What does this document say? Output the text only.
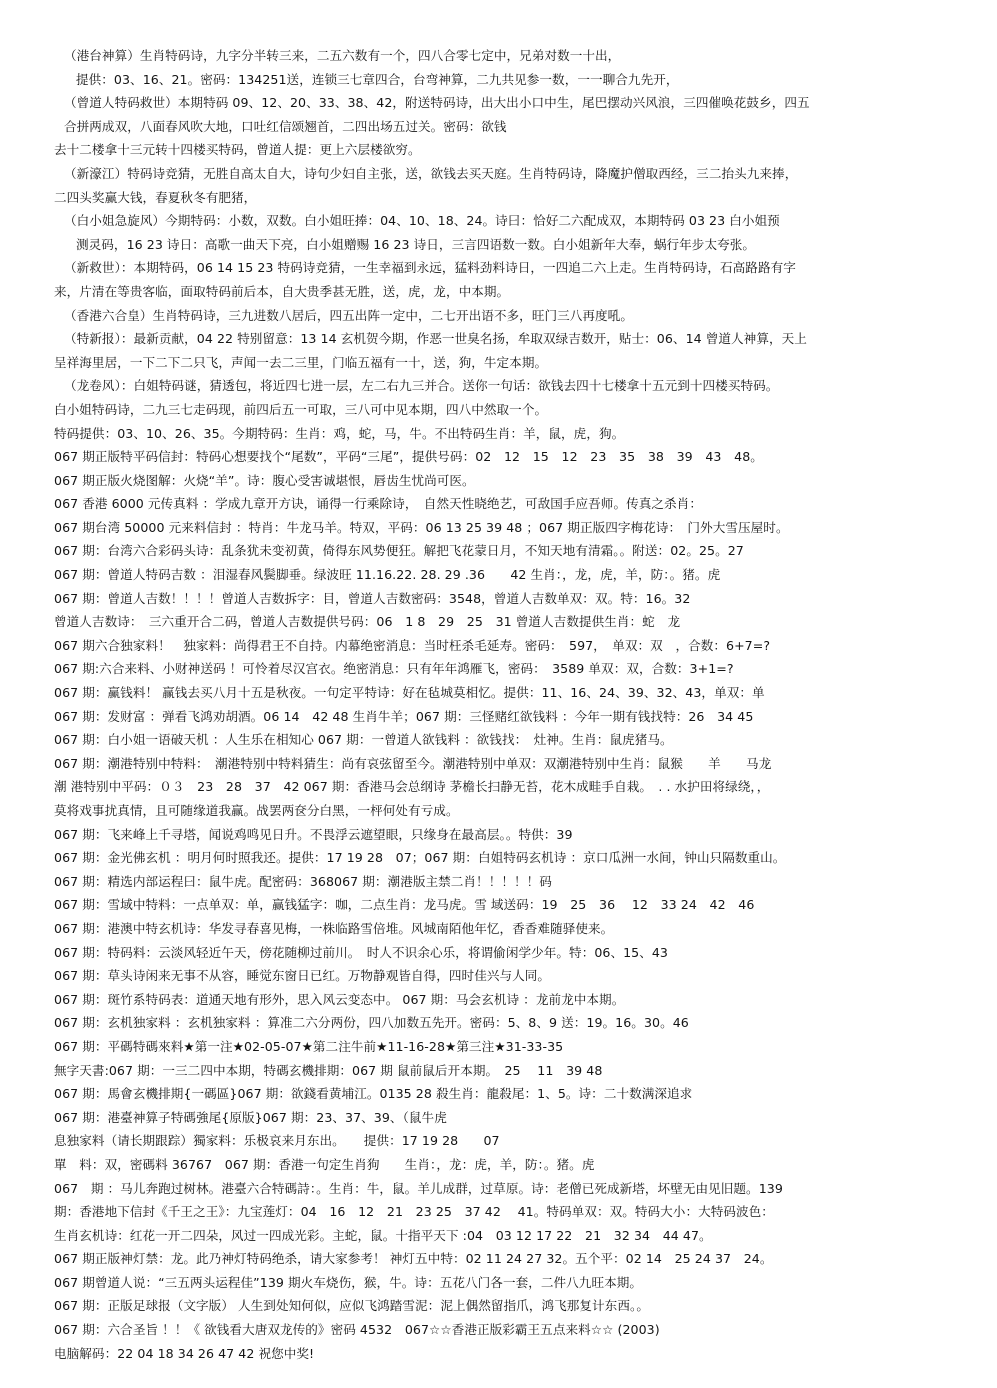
（港台神算）生肖特码诗，九字分半转三来，二五六数有一个，四八合零七定中，兄弟对数一十出，
提供：03、16、21。密码：134251送，连锁三七章四合，台弯神算，二九共见参一数，一一聊合九先开，
（曾道人特码救世）本期特码 09、12、20、33、38、42，附送特码诗，出大出小口中生，尾巴摆动兴风浪，三四催唤花鼓乡，四五
合拼两成双，八面春风吹大地，口吐红信颂翘首，二四出场五过关。密码：欲钱
去十二楼拿十三元转十四楼买特码，曾道人提：更上六层楼欲穷。
（新濠江）特码诗竞猜，无胜自高太自大，诗句少妇自主张，送，欲钱去买天庭。生肖特码诗，降魔护僧取西经，三二抬头九来捧，
二四头奖赢大钱，春夏秋冬有肥猪，
（白小姐急旋风）今期特码：小数，双数。白小姐旺捧：04、10、18、24。诗曰：恰好二六配成双，本期特码 03 23 白小姐预
测灵码，16 23 诗日：高歌一曲天下亮，白小姐赠赐 16 23 诗日，三言四语数一数。白小姐新年大奉，蜗行年步太夸张。
（新救世）：本期特码，06 14 15 23 特码诗竞猜，一生幸福到永远，猛料劲料诗日，一四追二六上走。生肖特码诗，石高路路有字
来，片清在等贵客临，面取特码前后本，自大贵季甚无胜，送，虎，龙，中本期。
（香港六合皇）生肖特码诗，三九进数八居后，四五出阵一定中，二七开出语不多，旺门三八再度吼。
（特新报）：最新贡献，04 22 特别留意：13 14 玄机贺今期，作恶一世臭名扬，牟取双绿吉数开，贴士：06、14 曾道人神算，天上
呈祥海里居，一下二下二只飞，声闻一去二三里，门临五福有一十，送，狗，牛定本期。
（龙卷风）：白姐特码谜，猜透包，将近四七进一层，左二右九三并合。送你一句话：欲钱去四十七楼拿十五元到十四楼买特码。
白小姐特码诗，二九三七走码现，前四后五一可取，三八可中见本期，四八中然取一个。
特码提供：03、10、26、35。今期特码：生肖：鸡，蛇，马，牛。不出特码生肖：羊，鼠，虎，狗。
067 期正版特平码信封：特码心想要找个“尾数”，平码“三尾”，提供号码：02　12　15　12　23　35　38　39　43　48。
067 期正版火烧图解：火烧“羊”。诗：腹心受害诚堪恨，唇齿生忧尚可医。
067 香港 6000 元传真料 ：学成九章开方诀，诵得一行乘除诗，　自然天性晓绝艺，可敌国手应吾师。传真之杀肖：
067 期台湾 50000 元来料信封 ：特肖：牛龙马羊。特双，平码：06 13 25 39 48 ；067 期正版四字梅花诗：　门外大雪压屋时。
067 期：台湾六合彩码头诗：乱条犹未变初黄，倚得东风势便狂。解把飞花蒙日月，不知天地有清霜。。附送：02。25。27
067 期：曾道人特码吉数 ：泪湿春风鬓脚垂。绿波旺 11.16.22. 28. 29 .36　　42 生肖：，龙，虎，羊，防：。猪。虎
067 期：曾道人吉数！！！！曾道人吉数拆字：目，曾道人吉数密码：3548，曾道人吉数单双：双。特：16。32
曾道人吉数诗：　三六重开合二码，曾道人吉数提供号码：06　1 8　29　25　31 曾道人吉数提供生肖：蛇　龙
067 期六合独家料！　独家料：尚得君王不自持。内幕绝密消息：当时枉杀毛延寿。密码：　597，　单双：双　，合数：6+7=?
067 期:六合来料、小财神送码 ！可怜着尽汉宫衣。绝密消息：只有年年鸿雁飞，密码：　3589 单双：双，合数：3+1=?
067 期：赢钱料！ 赢钱去买八月十五是秋夜。一句定平特诗：好在毡城莫相忆。提供：11、16、24、39、32、43，单双：单
067 期：发财富 ：弹看飞鸿劝胡酒。06 14　42 48 生肖牛羊；067 期：三怪赌红欲钱料 ：今年一期有钱找特：26　34 45
067 期：白小姐一语破天机 ：人生乐在相知心 067 期：一曾道人欲钱料 ：欲钱找：　灶神。生肖：鼠虎猪马。
067 期：潮港特别中特料：　潮港特别中特料猜生：尚有哀弦留至今。潮港特别中单双：双潮港特别中生肖：鼠猴　　羊　　马龙
潮 港特别中平码：０３　23　28　37　42 067 期：香港马会总纲诗 茅檐长扫静无苔，花木成畦手自栽。　. . 水护田将绿绕，，
莫将戏事扰真情，且可随缘道我赢。战罢两奁分白黑，一枰何处有亏成。
067 期：飞来峰上千寻塔，闻说鸡鸣见日升。不畏浮云遮望眼，只缘身在最高层。。特供：39
067 期：金光佛玄机 ：明月何时照我还。提供：17 19 28　07；067 期：白姐特码玄机诗 ：京口瓜洲一水间，钟山只隔数重山。
067 期：精选内部运程曰：鼠牛虎。配密码：368067 期：潮港版主禁二肖！！！！！码
067 期：雪域中特料：一点单双：单，赢钱猛字：咖，二点生肖：龙马虎。雪 域送码：19　25　36　 12　33 24　42　46
067 期：港澳中特玄机诗：华发寻春喜见梅，一株临路雪倍堆。风城南陌他年忆，香香难随驿使来。
067 期：特码料：云淡风轻近午天，傍花随柳过前川。　时人不识余心乐，将谓偷闲学少年。特：06、15、43
067 期：草头诗闲来无事不从容，睡觉东窗日已红。万物静观皆自得，四时佳兴与人同。
067 期：斑竹系特码表：道通天地有形外，思入风云变态中。 067 期：马会玄机诗 ：龙前龙中本期。
067 期：玄机独家料 ：玄机独家料 ：算准二六分两份，四八加数五先开。密码：5、8、9 送：19。16。30。46
067 期：平碼特碼來料★第一注★02-05-07★第二注牛前★11-16-28★第三注★31-33-35
無字天書:067 期：一三二四中本期，特碼玄機排期：067 期 鼠前鼠后开本期。　25　 11　39 48
067 期：馬會玄機排期{一碼區}067 期：欲錢看黄埔江。0135 28 殺生肖：龍殺尾：1、5。诗：二十数满深追求
067 期：港臺神算子特碼強尾{原版}067 期：23、37、39、（鼠牛虎
息独家料（请长期跟踪）獨家料：乐极哀来月东出。　　提供：17 19 28　　07
單　料：双，密碼料 36767　067 期：香港一句定生肖狗　　生肖：，龙：虎，羊，防：。猪。虎
067　期 ：马儿奔跑过树林。港臺六合特碼詩：。生肖：牛，鼠。羊儿成群，过草原。诗：老僧已死成新塔，坏壁无由见旧题。139
期：香港地下信封《千王之王》：九宝莲灯：04　16　12　21　23 25　37 42　 41。特码单双：双。特码大小：大特码波色：
生肖玄机诗：红花一开二四朵，风过一四成光彩。主蛇，鼠。十指平天下 :04　03 12 17 22　21　32 34　44 47。
067 期正版神灯禁：龙。此乃神灯特码绝杀，请大家参考！ 神灯五中特：02 11 24 27 32。五个平：02 14　25 24 37　24。
067 期曾道人说：“三五两头运程佳”139 期火车烧伤，猴，牛。诗：五花八门各一套，二件八九旺本期。
067 期：正版足球报（文字版） 人生到处知何似，应似飞鸿踏雪泥：泥上偶然留指爪，鸿飞那复计东西。。
067 期：六合圣旨 ！！《 欲钱看大唐双龙传的》密码 4532　067☆☆香港正版彩霸王五点来料☆☆ (2003)
电脑解码：22 04 18 34 26 47 42 祝您中奖!
